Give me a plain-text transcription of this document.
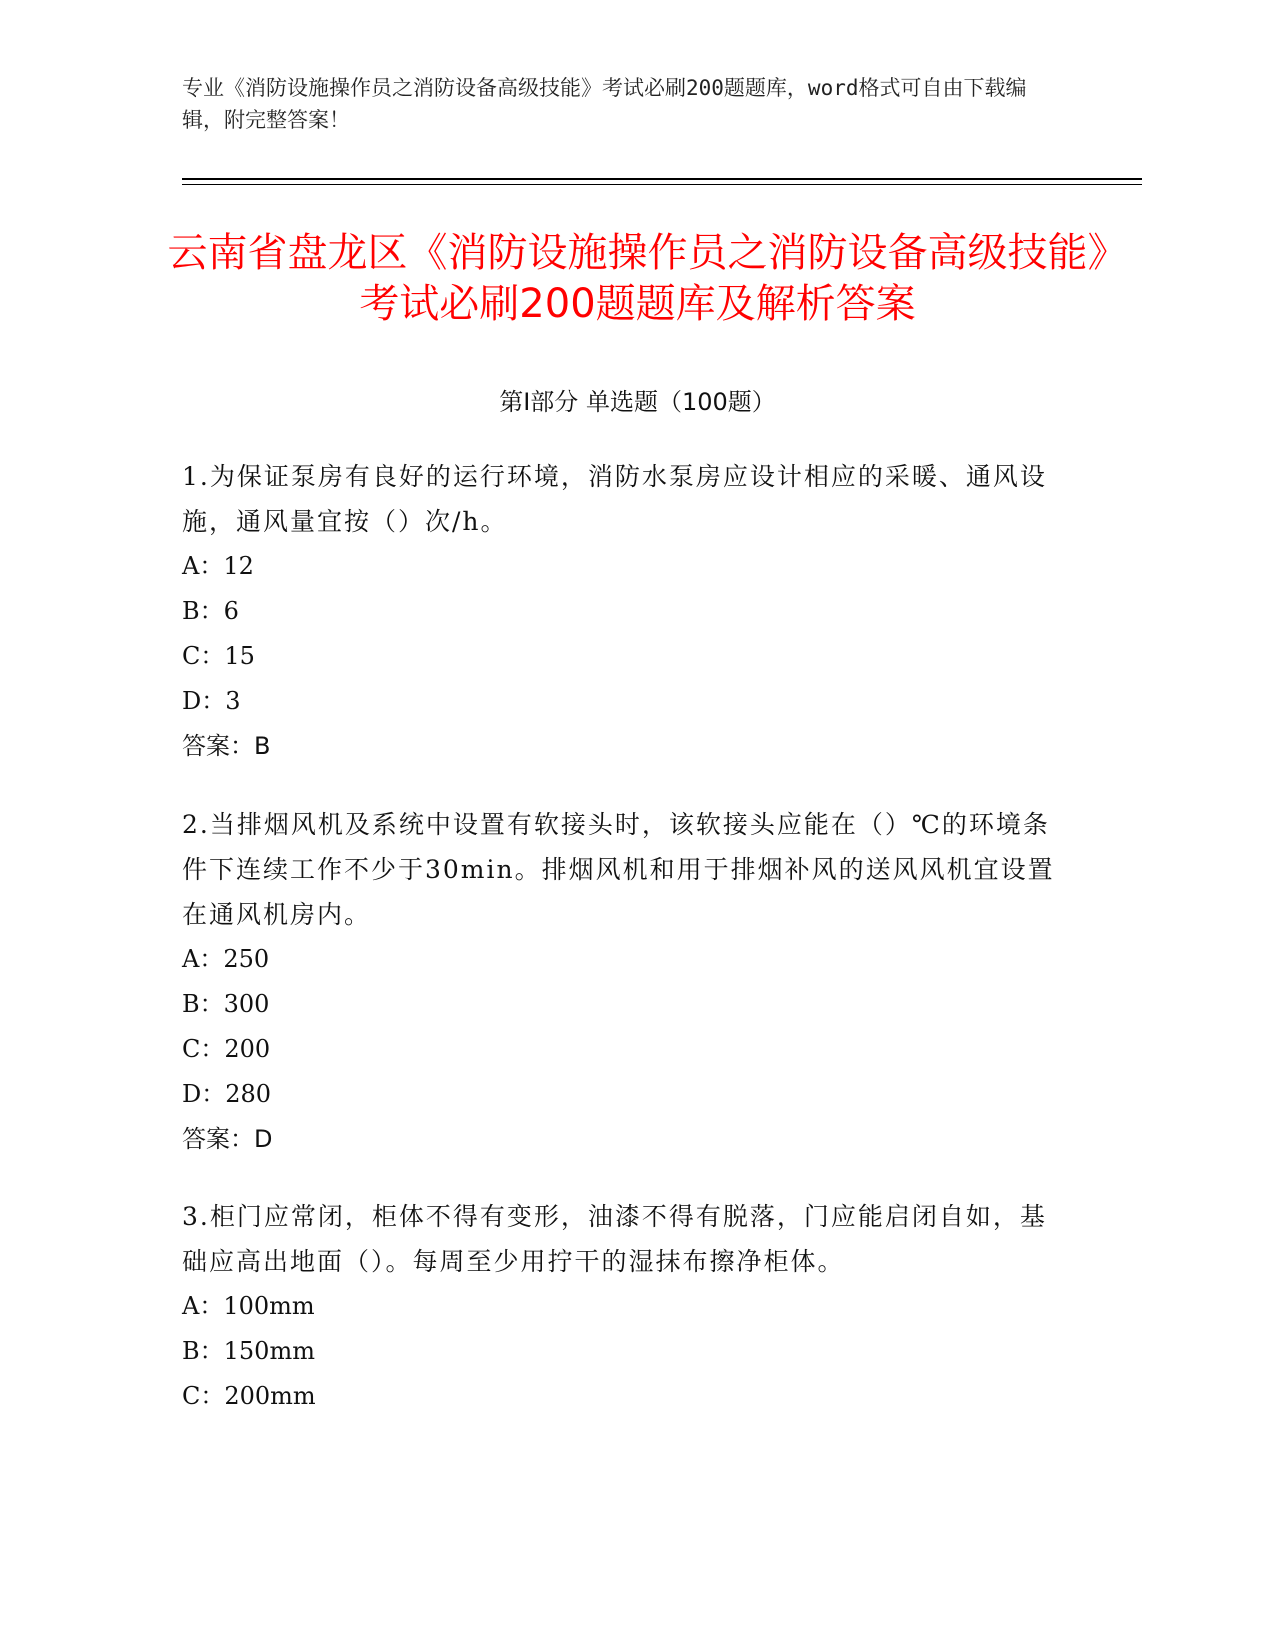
专业《消防设施操作员之消防设备高级技能》考试必刷200题题库，word格式可自由下载编辑，附完整答案！
云南省盘龙区《消防设施操作员之消防设备高级技能》考试必刷200题题库及解析答案
第Ⅰ部分 单选题（100题）

1.为保证泵房有良好的运行环境，消防水泵房应设计相应的采暖、通风设施，通风量宜按（）次/h。

A：12

B：6

C：15

D：3

答案：B

2.当排烟风机及系统中设置有软接头时，该软接头应能在（）℃的环境条件下连续工作不少于30min。排烟风机和用于排烟补风的送风风机宜设置在通风机房内。

A：250

B：300

C：200

D：280

答案：D

3.柜门应常闭，柜体不得有变形，油漆不得有脱落，门应能启闭自如，基础应高出地面（）。每周至少用拧干的湿抹布擦净柜体。

A：100mm

B：150mm

C：200mm
